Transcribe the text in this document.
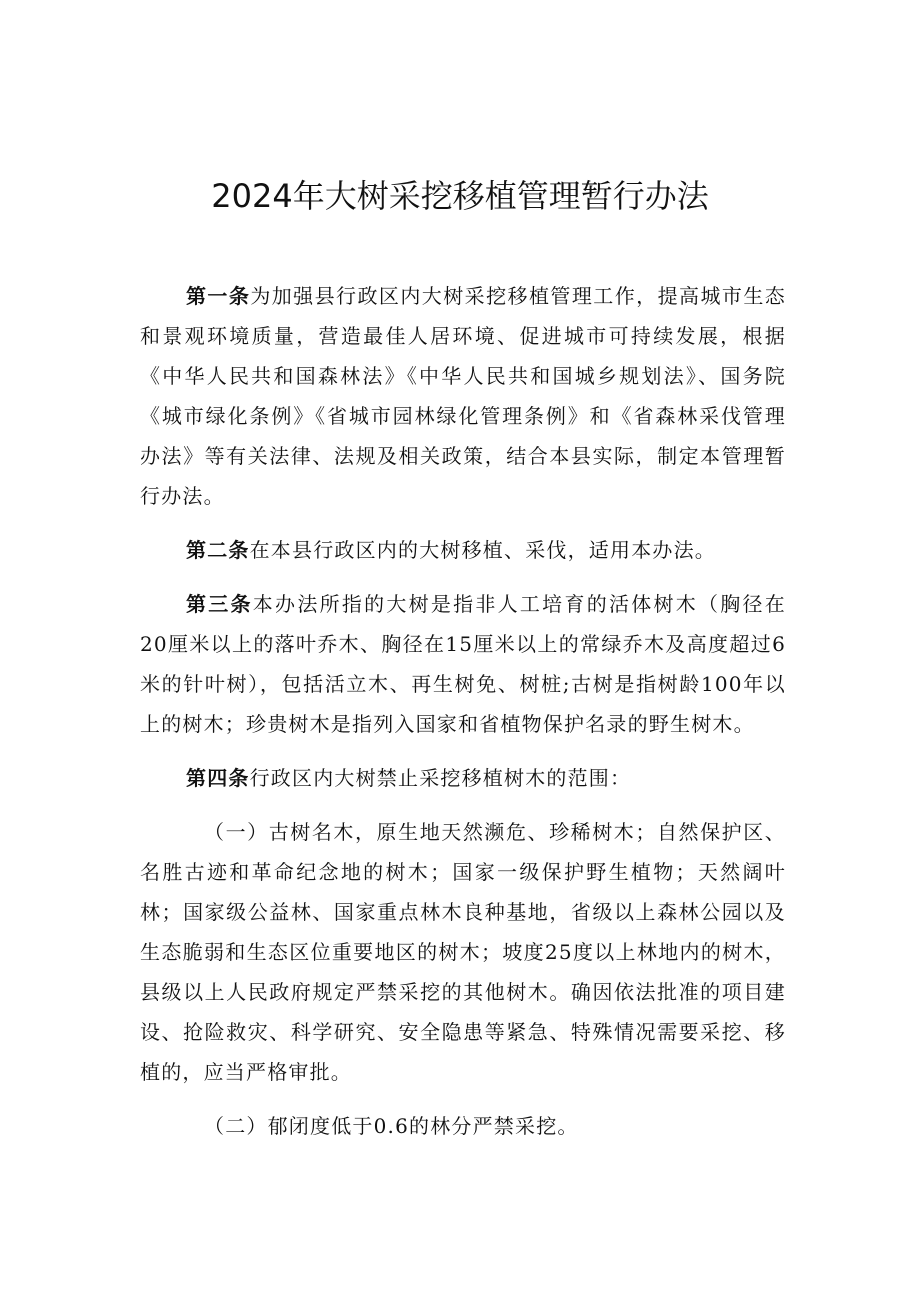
2024年大树采挖移植管理暂行办法

第一条为加强县行政区内大树采挖移植管理工作，提高城市生态和景观环境质量，营造最佳人居环境、促进城市可持续发展，根据《中华人民共和国森林法》《中华人民共和国城乡规划法》、国务院《城市绿化条例》《省城市园林绿化管理条例》和《省森林采伐管理办法》等有关法律、法规及相关政策，结合本县实际，制定本管理暂行办法。

第二条在本县行政区内的大树移植、采伐，适用本办法。

第三条本办法所指的大树是指非人工培育的活体树木（胸径在20厘米以上的落叶乔木、胸径在15厘米以上的常绿乔木及高度超过6米的针叶树），包括活立木、再生树免、树桩;古树是指树龄100年以上的树木；珍贵树木是指列入国家和省植物保护名录的野生树木。

第四条行政区内大树禁止采挖移植树木的范围：

（一）古树名木，原生地天然濒危、珍稀树木；自然保护区、名胜古迹和革命纪念地的树木；国家一级保护野生植物；天然阔叶林；国家级公益林、国家重点林木良种基地，省级以上森林公园以及生态脆弱和生态区位重要地区的树木；坡度25度以上林地内的树木，县级以上人民政府规定严禁采挖的其他树木。确因依法批准的项目建设、抢险救灾、科学研究、安全隐患等紧急、特殊情况需要采挖、移植的，应当严格审批。

（二）郁闭度低于0.6的林分严禁采挖。
